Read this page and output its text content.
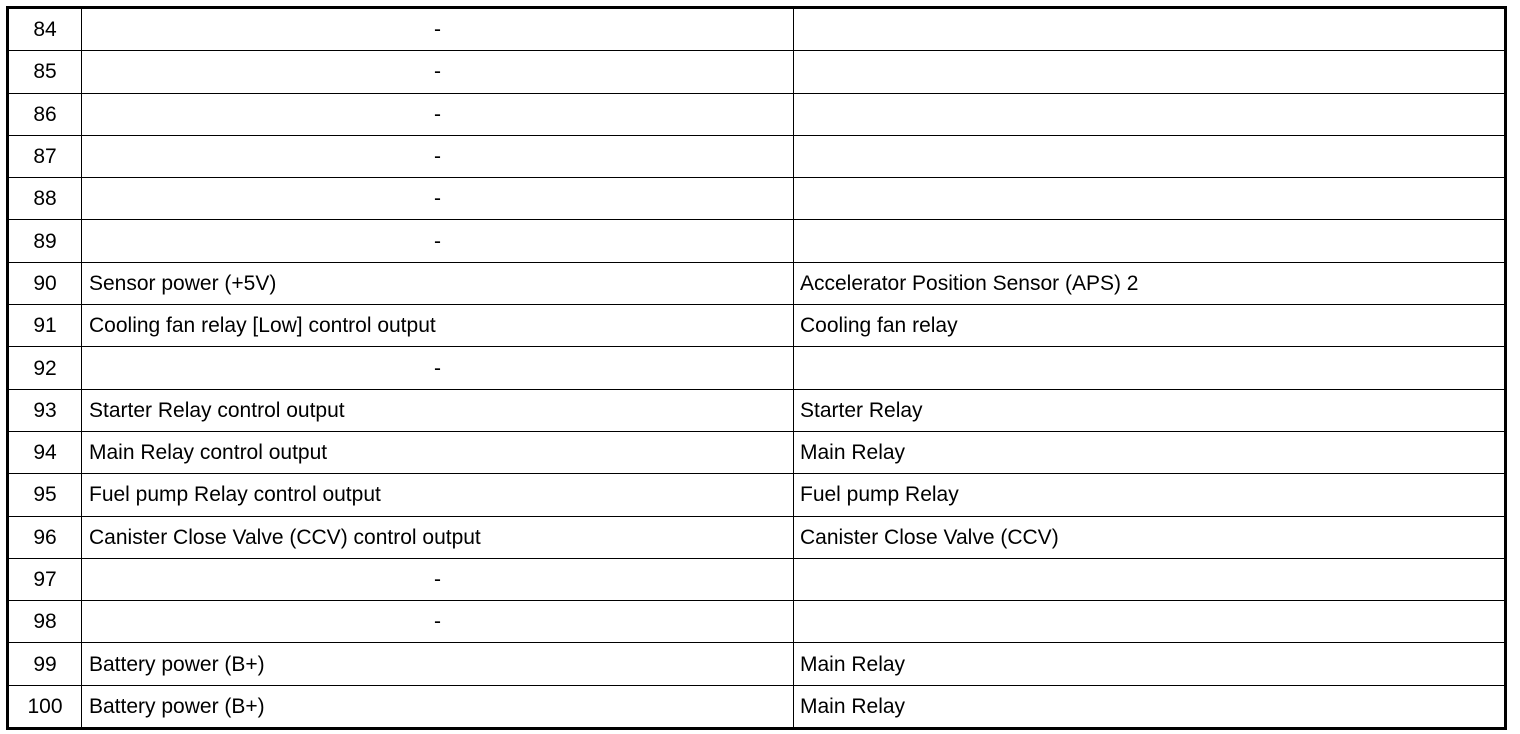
84	-	
85	-	
86	-	
87	-	
88	-	
89	-	
90	Sensor power (+5V)	Accelerator Position Sensor (APS) 2
91	Cooling fan relay [Low] control output	Cooling fan relay
92	-	
93	Starter Relay control output	Starter Relay
94	Main Relay control output	Main Relay
95	Fuel pump Relay control output	Fuel pump Relay
96	Canister Close Valve (CCV) control output	Canister Close Valve (CCV)
97	-	
98	-	
99	Battery power (B+)	Main Relay
100	Battery power (B+)	Main Relay
